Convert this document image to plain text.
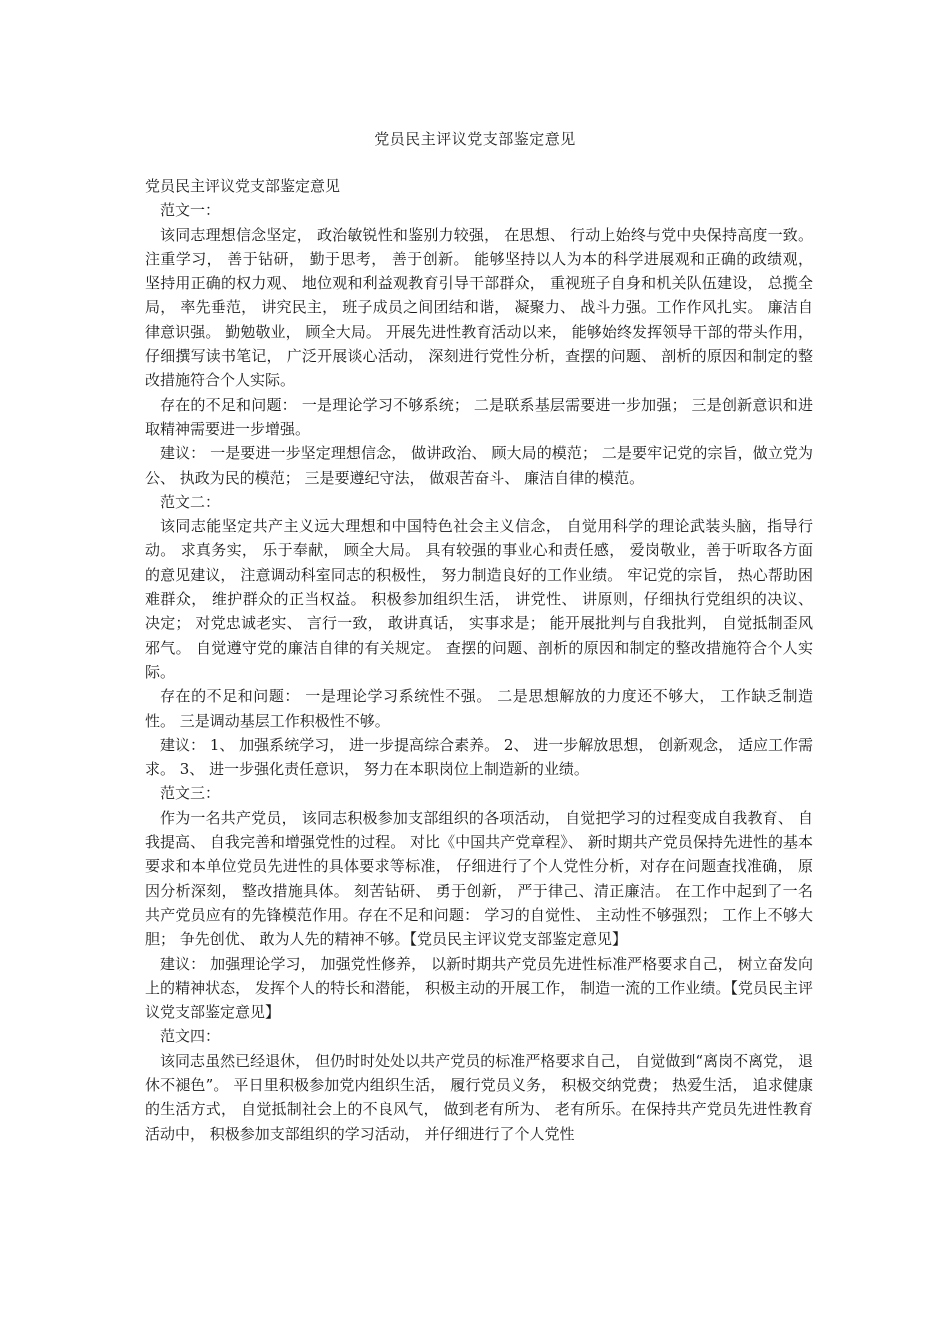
党员民主评议党支部鉴定意见

党员民主评议党支部鉴定意见

范文一：

该同志理想信念坚定， 政治敏锐性和鉴别力较强， 在思想、 行动上始终与党中央保持高度一致。 注重学习， 善于钻研， 勤于思考， 善于创新。 能够坚持以人为本的科学进展观和正确的政绩观， 坚持用正确的权力观、 地位观和利益观教育引导干部群众， 重视班子自身和机关队伍建设， 总揽全局， 率先垂范， 讲究民主， 班子成员之间团结和谐， 凝聚力、 战斗力强。工作作风扎实。 廉洁自律意识强。 勤勉敬业， 顾全大局。 开展先进性教育活动以来， 能够始终发挥领导干部的带头作用， 仔细撰写读书笔记， 广泛开展谈心活动， 深刻进行党性分析，查摆的问题、 剖析的原因和制定的整改措施符合个人实际。

存在的不足和问题： 一是理论学习不够系统； 二是联系基层需要进一步加强； 三是创新意识和进取精神需要进一步增强。

建议： 一是要进一步坚定理想信念， 做讲政治、 顾大局的模范； 二是要牢记党的宗旨，做立党为公、 执政为民的模范； 三是要遵纪守法， 做艰苦奋斗、 廉洁自律的模范。

范文二：

该同志能坚定共产主义远大理想和中国特色社会主义信念， 自觉用科学的理论武装头脑，指导行动。 求真务实， 乐于奉献， 顾全大局。 具有较强的事业心和责任感， 爱岗敬业，善于听取各方面的意见建议， 注意调动科室同志的积极性， 努力制造良好的工作业绩。 牢记党的宗旨， 热心帮助困难群众， 维护群众的正当权益。 积极参加组织生活， 讲党性、 讲原则，仔细执行党组织的决议、 决定； 对党忠诚老实、 言行一致， 敢讲真话， 实事求是； 能开展批判与自我批判， 自觉抵制歪风邪气。 自觉遵守党的廉洁自律的有关规定。 查摆的问题、剖析的原因和制定的整改措施符合个人实际。

存在的不足和问题： 一是理论学习系统性不强。 二是思想解放的力度还不够大， 工作缺乏制造性。 三是调动基层工作积极性不够。

建议： 1、 加强系统学习， 进一步提高综合素养。 2、 进一步解放思想， 创新观念， 适应工作需求。 3、 进一步强化责任意识， 努力在本职岗位上制造新的业绩。

范文三：

作为一名共产党员， 该同志积极参加支部组织的各项活动， 自觉把学习的过程变成自我教育、 自我提高、 自我完善和增强党性的过程。 对比《中国共产党章程》、 新时期共产党员保持先进性的基本要求和本单位党员先进性的具体要求等标准， 仔细进行了个人党性分析，对存在问题查找准确， 原因分析深刻， 整改措施具体。 刻苦钻研、 勇于创新， 严于律己、清正廉洁。 在工作中起到了一名共产党员应有的先锋模范作用。存在不足和问题： 学习的自觉性、 主动性不够强烈； 工作上不够大胆； 争先创优、 敢为人先的精神不够。【党员民主评议党支部鉴定意见】

建议： 加强理论学习， 加强党性修养， 以新时期共产党员先进性标准严格要求自己， 树立奋发向上的精神状态， 发挥个人的特长和潜能， 积极主动的开展工作， 制造一流的工作业绩。【党员民主评议党支部鉴定意见】

范文四：

该同志虽然已经退休， 但仍时时处处以共产党员的标准严格要求自己， 自觉做到“离岗不离党， 退休不褪色”。 平日里积极参加党内组织生活， 履行党员义务， 积极交纳党费； 热爱生活， 追求健康的生活方式， 自觉抵制社会上的不良风气， 做到老有所为、 老有所乐。在保持共产党员先进性教育活动中， 积极参加支部组织的学习活动， 并仔细进行了个人党性
